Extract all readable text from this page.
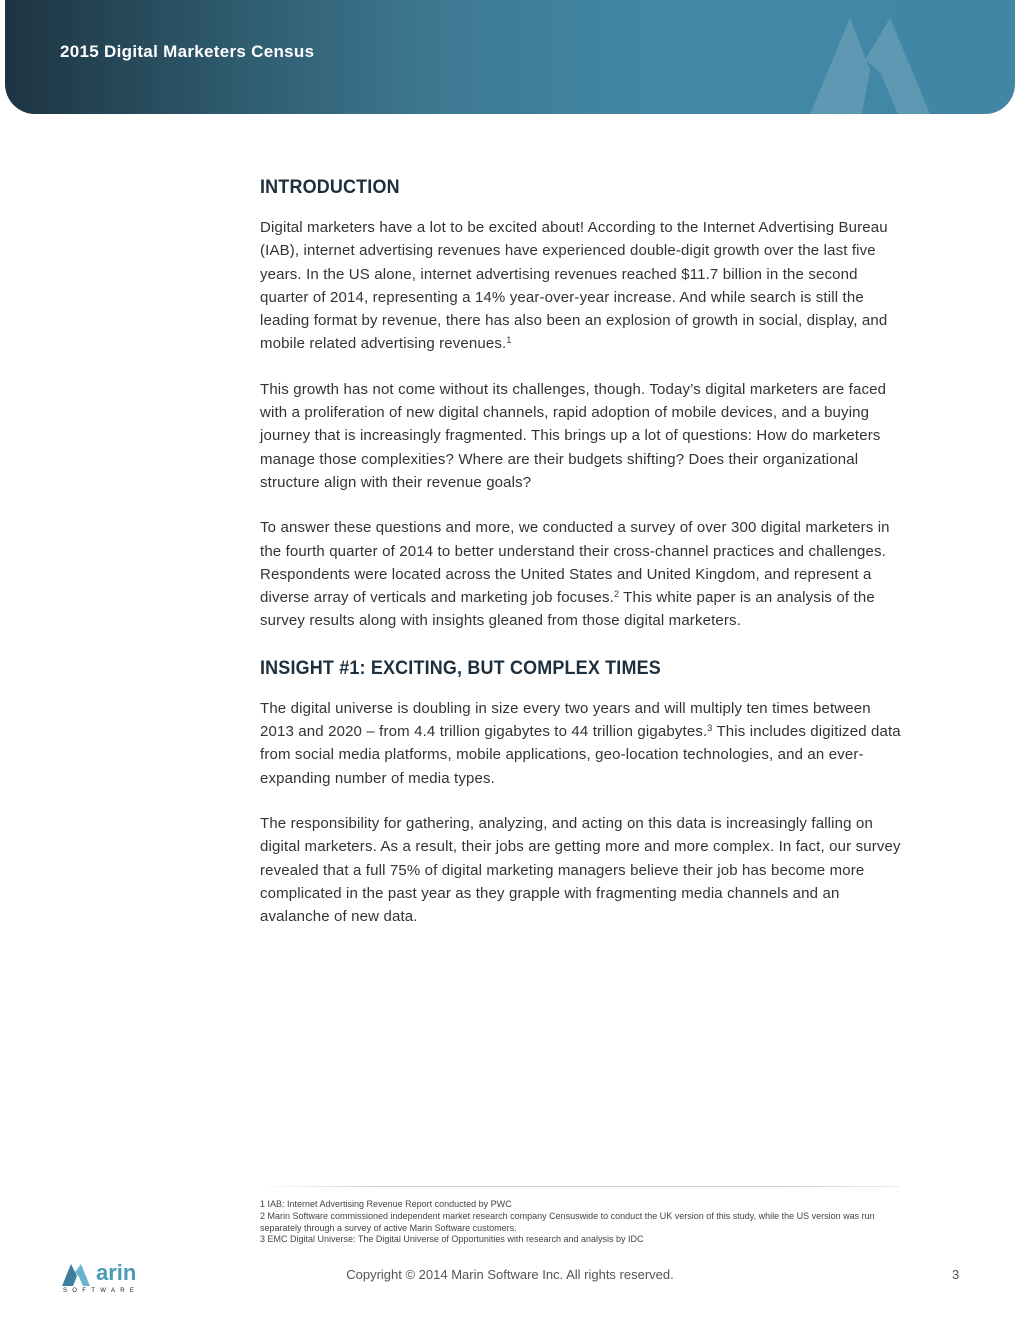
2015 Digital Marketers Census
INTRODUCTION

Digital marketers have a lot to be excited about! According to the Internet Advertising Bureau (IAB), internet advertising revenues have experienced double-digit growth over the last five years. In the US alone, internet advertising revenues reached $11.7 billion in the second quarter of 2014, representing a 14% year-over-year increase. And while search is still the leading format by revenue, there has also been an explosion of growth in social, display, and mobile related advertising revenues.$^1$

This growth has not come without its challenges, though. Today’s digital marketers are faced with a proliferation of new digital channels, rapid adoption of mobile devices, and a buying journey that is increasingly fragmented. This brings up a lot of questions: How do marketers manage those complexities? Where are their budgets shifting? Does their organizational structure align with their revenue goals?

To answer these questions and more, we conducted a survey of over 300 digital marketers in the fourth quarter of 2014 to better understand their cross-channel practices and challenges. Respondents were located across the United States and United Kingdom, and represent a diverse array of verticals and marketing job focuses.$^2$ This white paper is an analysis of the survey results along with insights gleaned from those digital marketers.

INSIGHT #1: EXCITING, BUT COMPLEX TIMES

The digital universe is doubling in size every two years and will multiply ten times between 2013 and 2020 – from 4.4 trillion gigabytes to 44 trillion gigabytes.$^3$ This includes digitized data from social media platforms, mobile applications, geo-location technologies, and an ever-expanding number of media types.

The responsibility for gathering, analyzing, and acting on this data is increasingly falling on digital marketers. As a result, their jobs are getting more and more complex. In fact, our survey revealed that a full 75% of digital marketing managers believe their job has become more complicated in the past year as they grapple with fragmenting media channels and an avalanche of new data.

1 IAB: Internet Advertising Revenue Report conducted by PWC
2 Marin Software commissioned independent market research company Censuswide to conduct the UK version of this study, while the US version was run separately through a survey of active Marin Software customers.
3 EMC Digital Universe: The Digital Universe of Opportunities with research and analysis by IDC
arin
SOFTWARE
Copyright © 2014 Marin Software Inc. All rights reserved.	3
